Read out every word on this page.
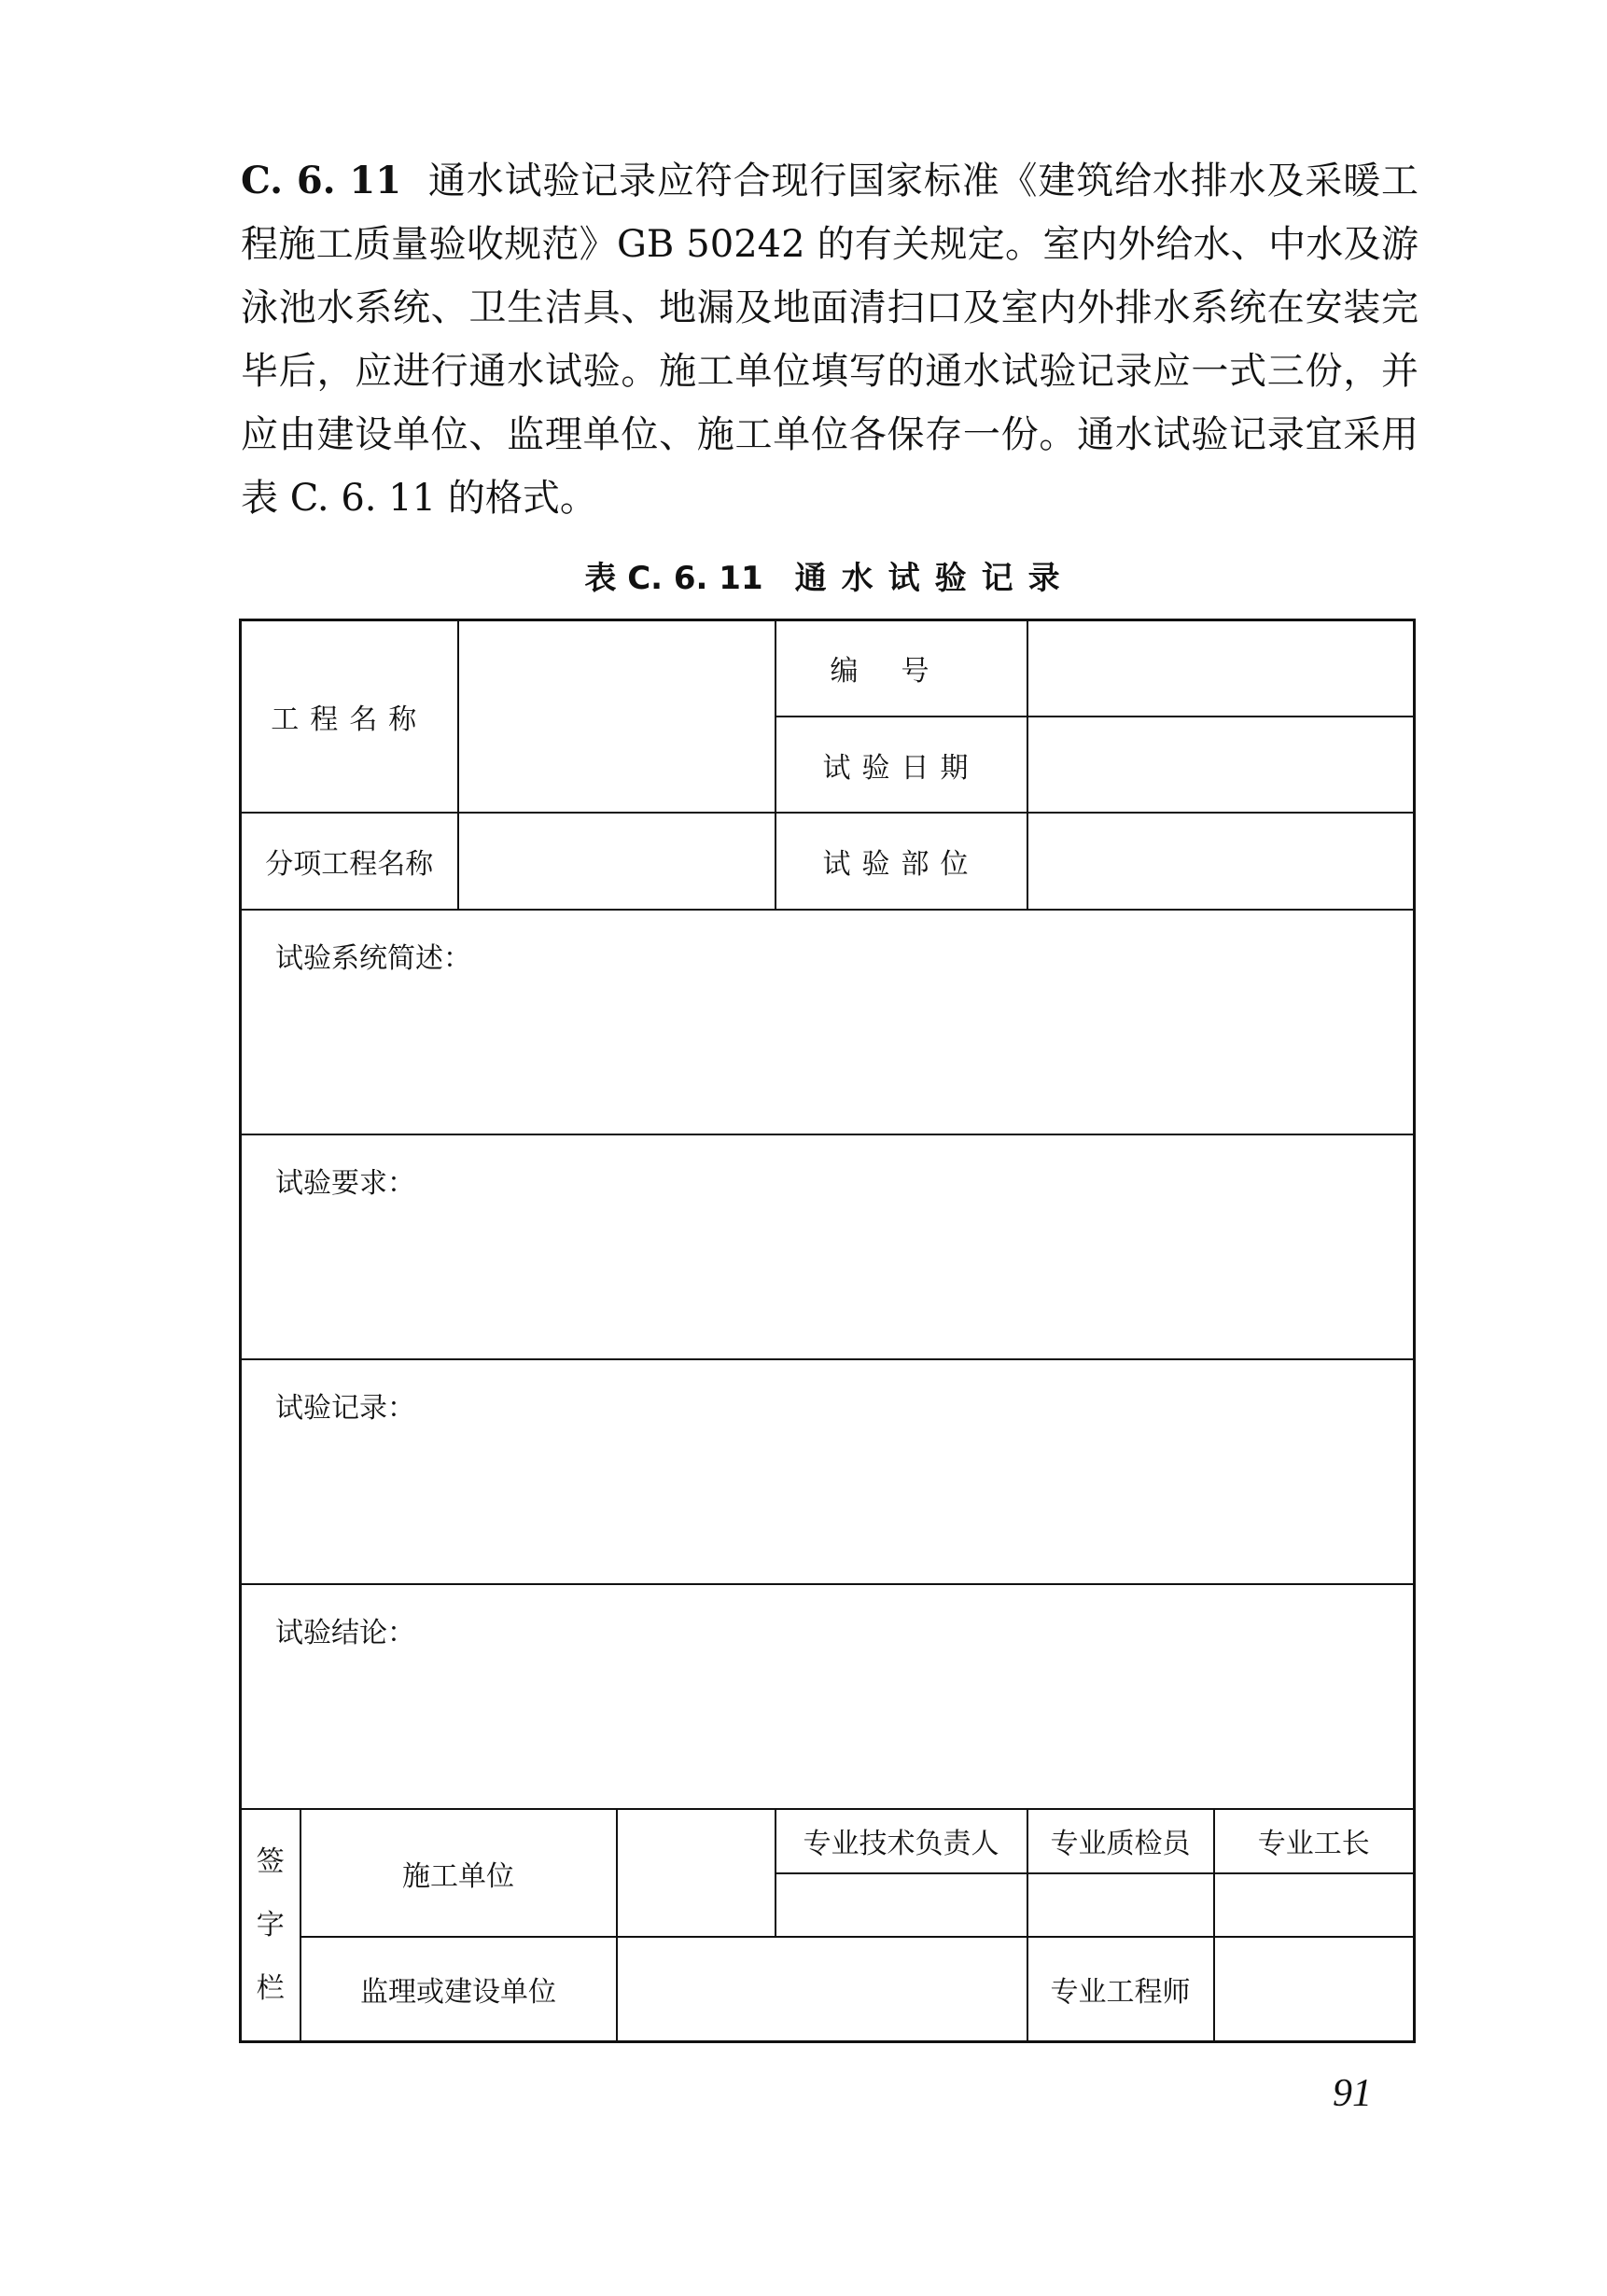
C. 6. 11 通水试验记录应符合现行国家标准《建筑给水排水及采暖工程施工质量验收规范》GB 50242 的有关规定。室内外给水、中水及游泳池水系统、卫生洁具、地漏及地面清扫口及室内外排水系统在安装完毕后，应进行通水试验。施工单位填写的通水试验记录应一式三份，并应由建设单位、监理单位、施工单位各保存一份。通水试验记录宜采用表 C. 6. 11 的格式。

表 C. 6. 11 通水试验记录
工程名称				编号		
				试验日期		
分项工程名称				试验部位		
试验系统简述：						
试验要求：						
试验记录：						
试验结论：						

签
字
栏	施工单位			专业技术负责人	专业质检员	专业工长

	监理或建设单位				专业工程师	
91
